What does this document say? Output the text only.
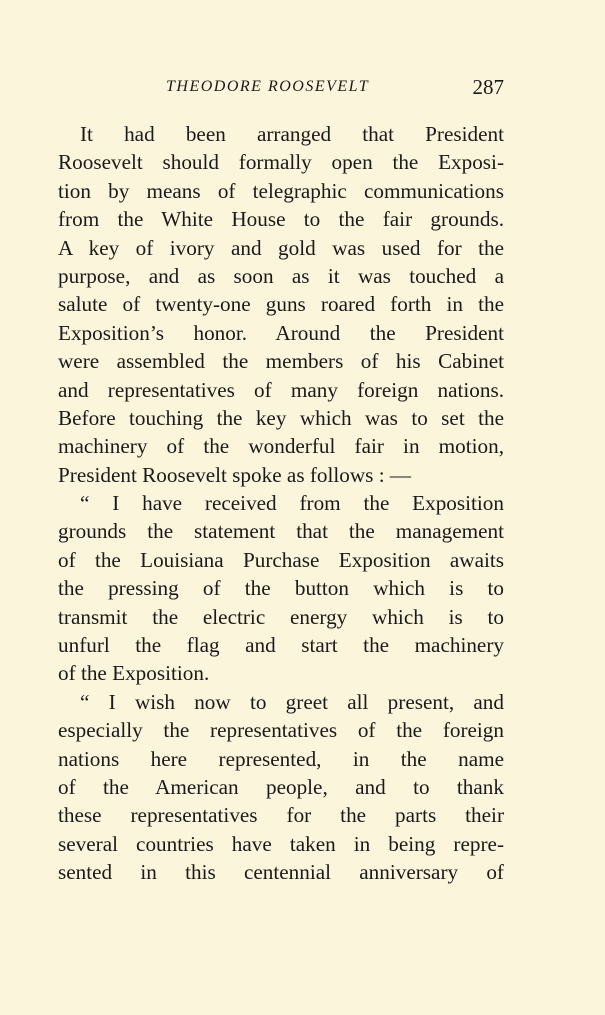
THEODORE ROOSEVELT	287
It had been arranged that President
Roosevelt should formally open the Exposi-
tion by means of telegraphic communications
from the White House to the fair grounds.
A key of ivory and gold was used for the
purpose, and as soon as it was touched a
salute of twenty-one guns roared forth in the
Exposition’s honor. Around the President
were assembled the members of his Cabinet
and representatives of many foreign nations.
Before touching the key which was to set the
machinery of the wonderful fair in motion,
President Roosevelt spoke as follows : —
“ I have received from the Exposition
grounds the statement that the management
of the Louisiana Purchase Exposition awaits
the pressing of the button which is to
transmit the electric energy which is to
unfurl the flag and start the machinery
of the Exposition.
“ I wish now to greet all present, and
especially the representatives of the foreign
nations here represented, in the name
of the American people, and to thank
these representatives for the parts their
several countries have taken in being repre-
sented in this centennial anniversary of
